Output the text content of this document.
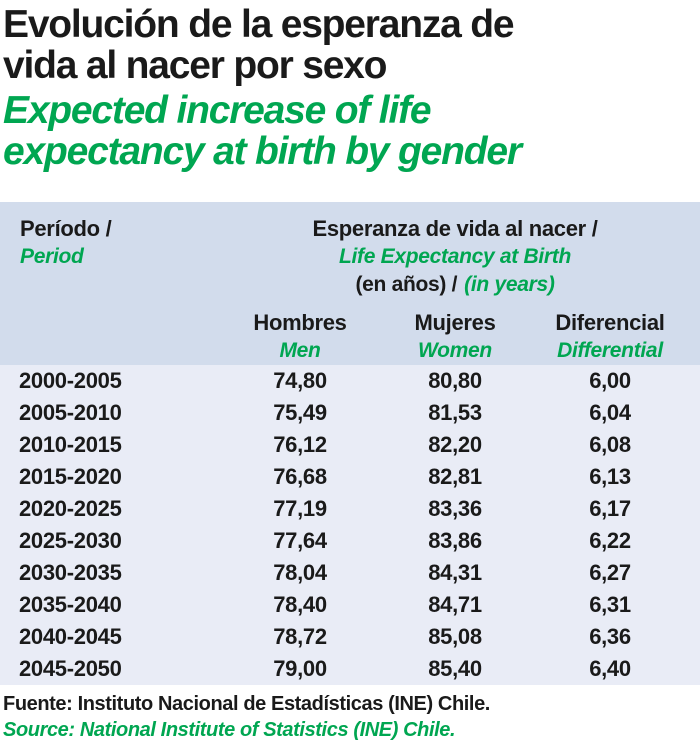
Evolución de la esperanza de
vida al nacer por sexo
Expected increase of life
expectancy at birth by gender
Período /
Period
Esperanza de vida al nacer /
Life Expectancy at Birth
(en años) / (in years)
Hombres
Men
Mujeres
Women
Diferencial
Differential
2000-2005	74,80	80,80	6,00
2005-2010	75,49	81,53	6,04
2010-2015	76,12	82,20	6,08
2015-2020	76,68	82,81	6,13
2020-2025	77,19	83,36	6,17
2025-2030	77,64	83,86	6,22
2030-2035	78,04	84,31	6,27
2035-2040	78,40	84,71	6,31
2040-2045	78,72	85,08	6,36
2045-2050	79,00	85,40	6,40
Fuente: Instituto Nacional de Estadísticas (INE) Chile.
Source: National Institute of Statistics (INE) Chile.
